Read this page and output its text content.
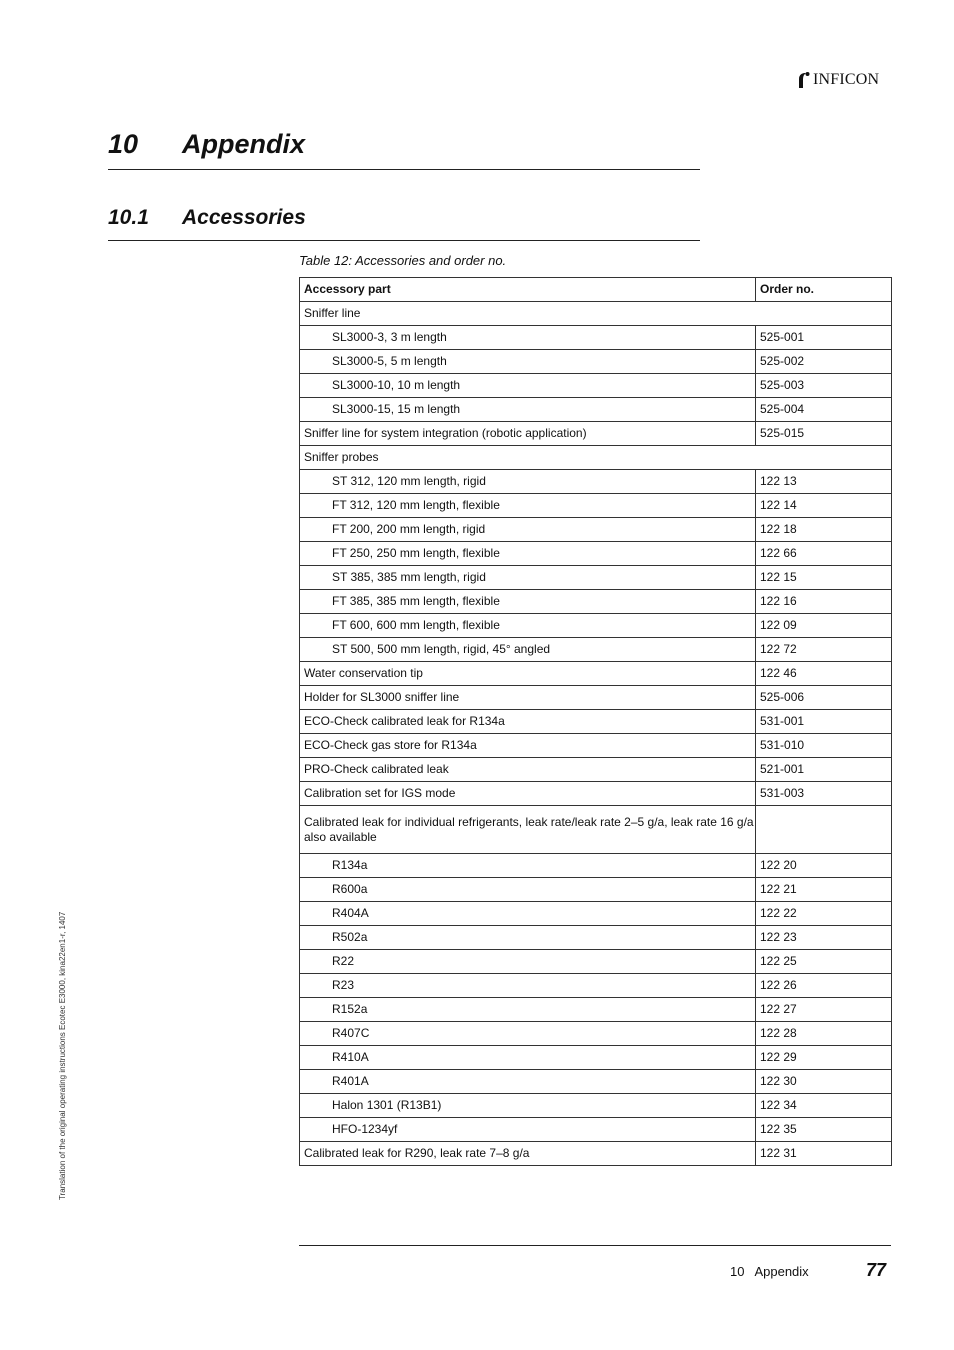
INFICON
10 Appendix
10.1 Accessories
Table 12: Accessories and order no.
Accessory part	Order no.
Sniffer line	
SL3000-3, 3 m length	525-001
SL3000-5, 5 m length	525-002
SL3000-10, 10 m length	525-003
SL3000-15, 15 m length	525-004
Sniffer line for system integration (robotic application)	525-015
Sniffer probes	
ST 312, 120 mm length, rigid	122 13
FT 312, 120 mm length, flexible	122 14
FT 200, 200 mm length, rigid	122 18
FT 250, 250 mm length, flexible	122 66
ST 385, 385 mm length, rigid	122 15
FT 385, 385 mm length, flexible	122 16
FT 600, 600 mm length, flexible	122 09
ST 500, 500 mm length, rigid, 45° angled	122 72
Water conservation tip	122 46
Holder for SL3000 sniffer line	525-006
ECO-Check calibrated leak for R134a	531-001
ECO-Check gas store for R134a	531-010
PRO-Check calibrated leak	521-001
Calibration set for IGS mode	531-003
Calibrated leak for individual refrigerants, leak rate/leak rate 2–5 g/a, leak rate 16 g/a also available	
R134a	122 20
R600a	122 21
R404A	122 22
R502a	122 23
R22	122 25
R23	122 26
R152a	122 27
R407C	122 28
R410A	122 29
R401A	122 30
Halon 1301 (R13B1)	122 34
HFO-1234yf	122 35
Calibrated leak for R290, leak rate 7–8 g/a	122 31
Translation of the original operating instructions Ecotec E3000, kina22en1-r, 1407
10 Appendix	77
